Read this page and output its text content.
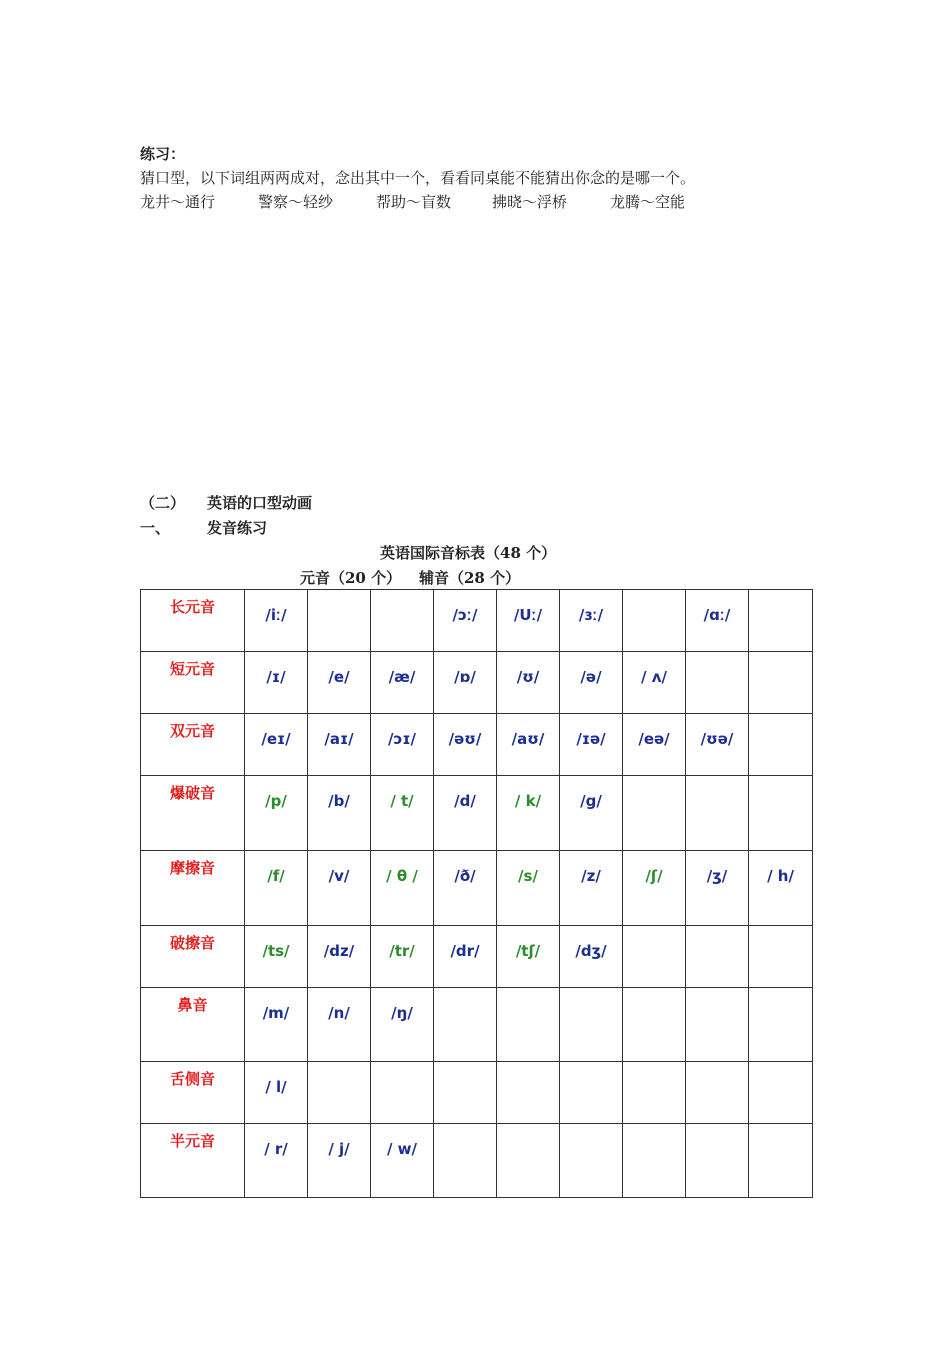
练习：
猜口型，以下词组两两成对，念出其中一个，看看同桌能不能猜出你念的是哪一个。
龙井～通行	警察～轻纱	帮助～盲数	拂晓～浮桥	龙腾～空能
（二） 英语的口型动画
一、 发音练习
英语国际音标表（48 个）
元音（20 个） 辅音（28 个）
长元音	/iː/			/ɔː/	/Uː/	/ɜː/		/ɑː/	
短元音	/ɪ/	/e/	/æ/	/ɒ/	/ʊ/	/ə/	/ ʌ/		
双元音	/eɪ/	/aɪ/	/ɔɪ/	/əʊ/	/aʊ/	/ɪə/	/eə/	/ʊə/	
爆破音	/p/	/b/	/ t/	/d/	/ k/	/g/			
摩擦音	/f/	/v/	/ θ /	/ð/	/s/	/z/	/ʃ/	/ʒ/	/ h/
破擦音	/ts/	/dz/	/tr/	/dr/	/tʃ/	/dʒ/			
鼻音	/m/	/n/	/ŋ/						
舌侧音	/ l/								
半元音	/ r/	/ j/	/ w/						
